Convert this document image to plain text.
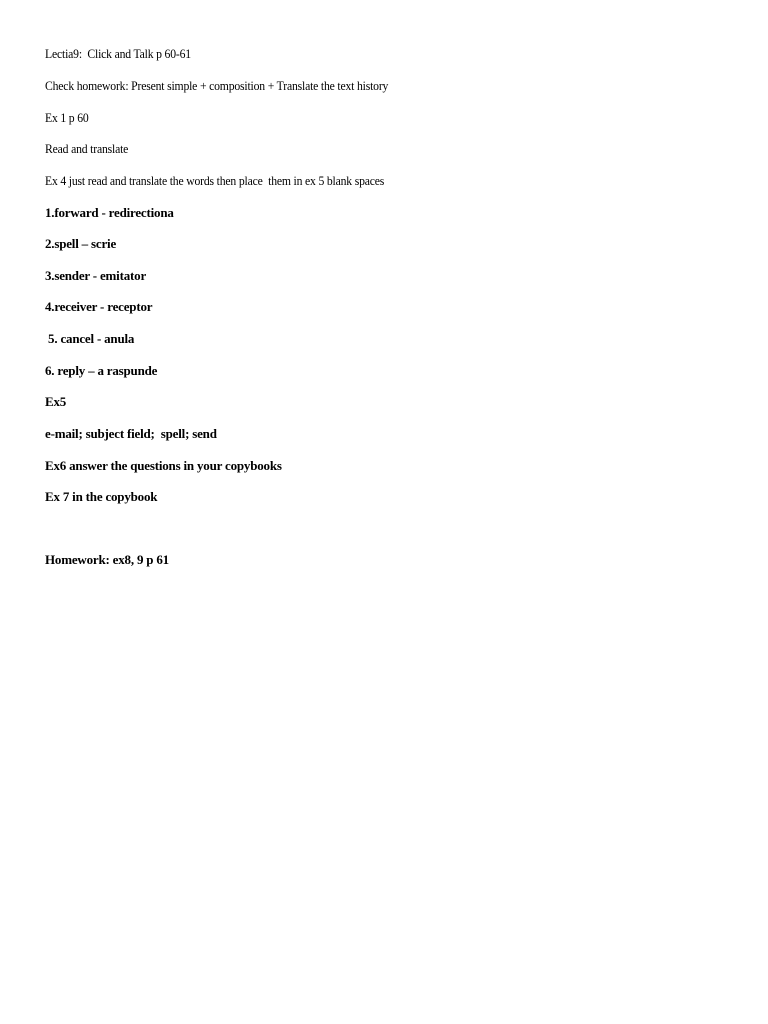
Lectia9:  Click and Talk p 60-61
Check homework: Present simple + composition + Translate the text history
Ex 1 p 60
Read and translate
Ex 4 just read and translate the words then place  them in ex 5 blank spaces
1.forward - redirectiona
2.spell – scrie
3.sender - emitator
4.receiver - receptor
5. cancel - anula
6. reply – a raspunde
Ex5
e-mail; subject field;  spell; send
Ex6 answer the questions in your copybooks
Ex 7 in the copybook
Homework: ex8, 9 p 61
